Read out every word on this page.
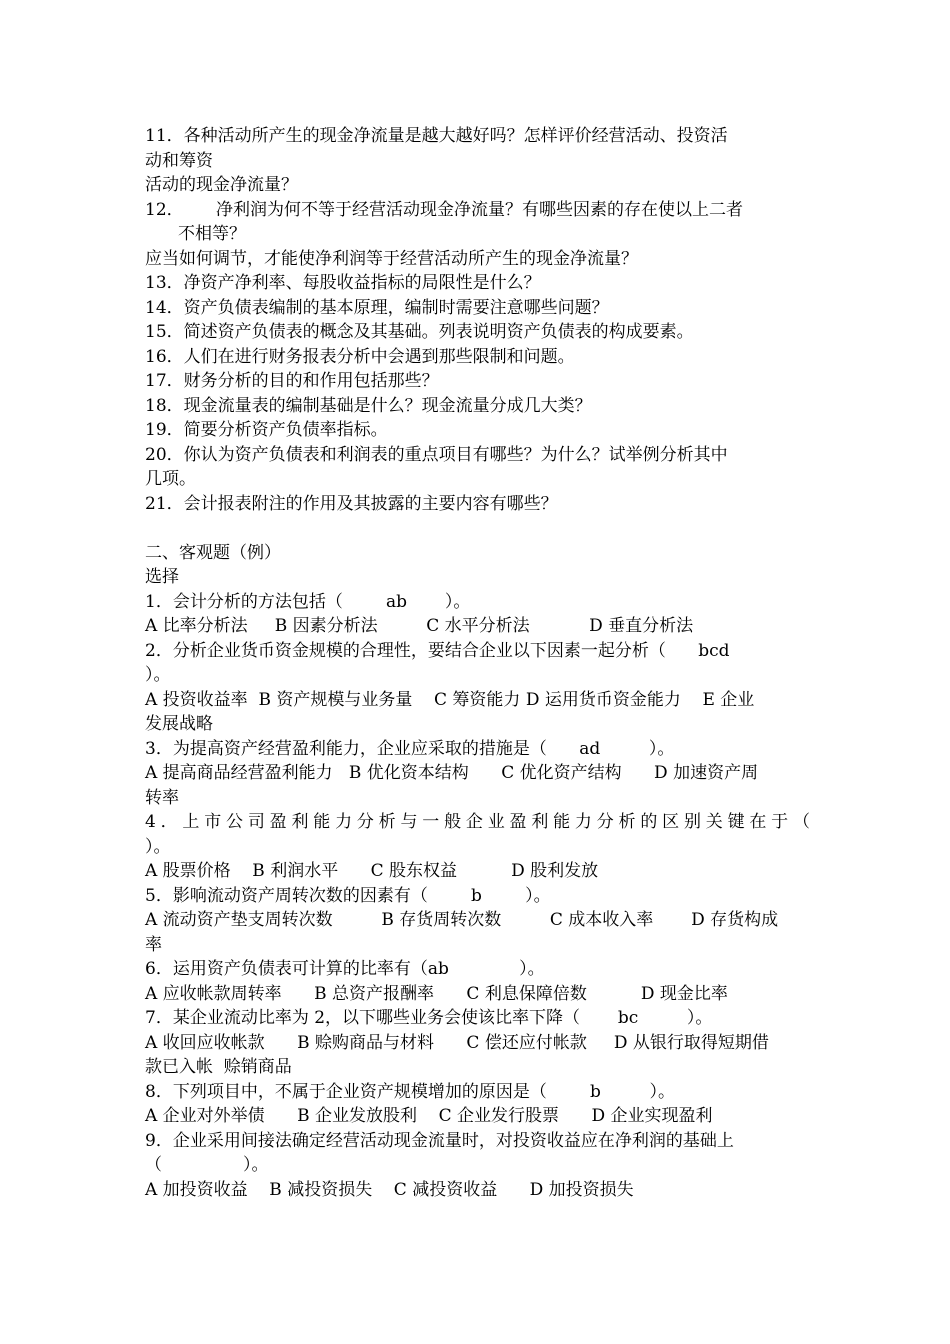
11．各种活动所产生的现金净流量是越大越好吗？怎样评价经营活动、投资活
动和筹资
活动的现金净流量？
12．      净利润为何不等于经营活动现金净流量？有哪些因素的存在使以上二者
不相等？
应当如何调节，才能使净利润等于经营活动所产生的现金净流量？
13．净资产净利率、每股收益指标的局限性是什么？
14．资产负债表编制的基本原理，编制时需要注意哪些问题？
15．简述资产负债表的概念及其基础。列表说明资产负债表的构成要素。
16．人们在进行财务报表分析中会遇到那些限制和问题。
17．财务分析的目的和作用包括那些？
18．现金流量表的编制基础是什么？现金流量分成几大类？
19．简要分析资产负债率指标。
20．你认为资产负债表和利润表的重点项目有哪些？为什么？试举例分析其中
几项。
21．会计报表附注的作用及其披露的主要内容有哪些？
二、客观题（例）
选择
1．会计分析的方法包括（        ab       ）。
A 比率分析法     B 因素分析法         C 水平分析法           D 垂直分析法
2．分析企业货币资金规模的合理性，要结合企业以下因素一起分析（      bcd
）。
A 投资收益率  B 资产规模与业务量    C 筹资能力 D 运用货币资金能力    E 企业
发展战略
3．为提高资产经营盈利能力，企业应采取的措施是（      ad         ）。
A 提高商品经营盈利能力   B 优化资本结构      C 优化资产结构      D 加速资产周
转率
4．上市公司盈利能力分析与一般企业盈利能力分析的区别关键在于（
）。
A 股票价格    B 利润水平      C 股东权益          D 股利发放
5．影响流动资产周转次数的因素有（        b        ）。
A 流动资产垫支周转次数         B 存货周转次数         C 成本收入率       D 存货构成
率
6．运用资产负债表可计算的比率有（ab             ）。
A 应收帐款周转率      B 总资产报酬率      C 利息保障倍数          D 现金比率
7．某企业流动比率为 2，以下哪些业务会使该比率下降（       bc         ）。
A 收回应收帐款      B 赊购商品与材料      C 偿还应付帐款     D 从银行取得短期借
款已入帐  赊销商品
8．下列项目中，不属于企业资产规模增加的原因是（        b         ）。
A 企业对外举债      B 企业发放股利    C 企业发行股票      D 企业实现盈利
9．企业采用间接法确定经营活动现金流量时，对投资收益应在净利润的基础上
（               ）。
A 加投资收益    B 减投资损失    C 减投资收益      D 加投资损失
